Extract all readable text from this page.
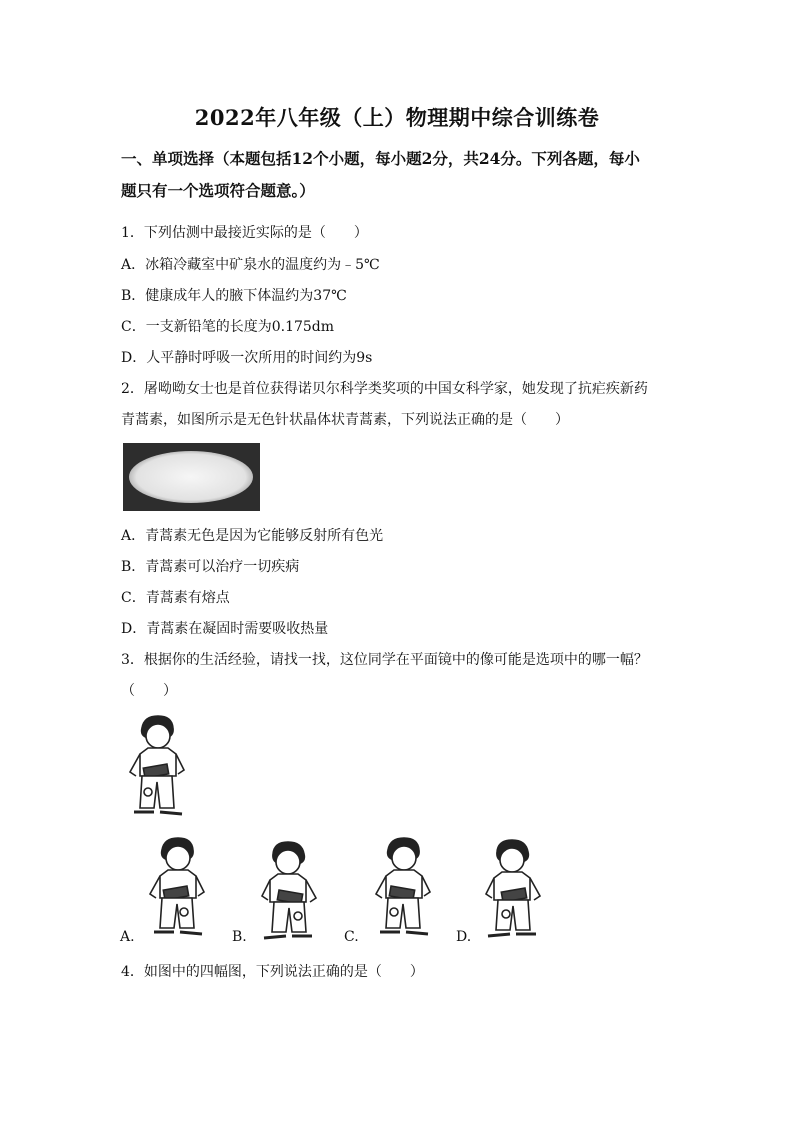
2022年八年级（上）物理期中综合训练卷
一、单项选择（本题包括12个小题，每小题2分，共24分。下列各题，每小
题只有一个选项符合题意。）
1．下列估测中最接近实际的是（　　）
A．冰箱冷藏室中矿泉水的温度约为﹣5℃
B．健康成年人的腋下体温约为37℃
C．一支新铅笔的长度为0.175dm
D．人平静时呼吸一次所用的时间约为9s
2．屠呦呦女士也是首位获得诺贝尔科学类奖项的中国女科学家，她发现了抗疟疾新药
青蒿素，如图所示是无色针状晶体状青蒿素，下列说法正确的是（　　）
A．青蒿素无色是因为它能够反射所有色光
B．青蒿素可以治疗一切疾病
C．青蒿素有熔点
D．青蒿素在凝固时需要吸收热量
3．根据你的生活经验，请找一找，这位同学在平面镜中的像可能是选项中的哪一幅？
（　　）
A.	B.	C.	D.
4．如图中的四幅图，下列说法正确的是（　　）
